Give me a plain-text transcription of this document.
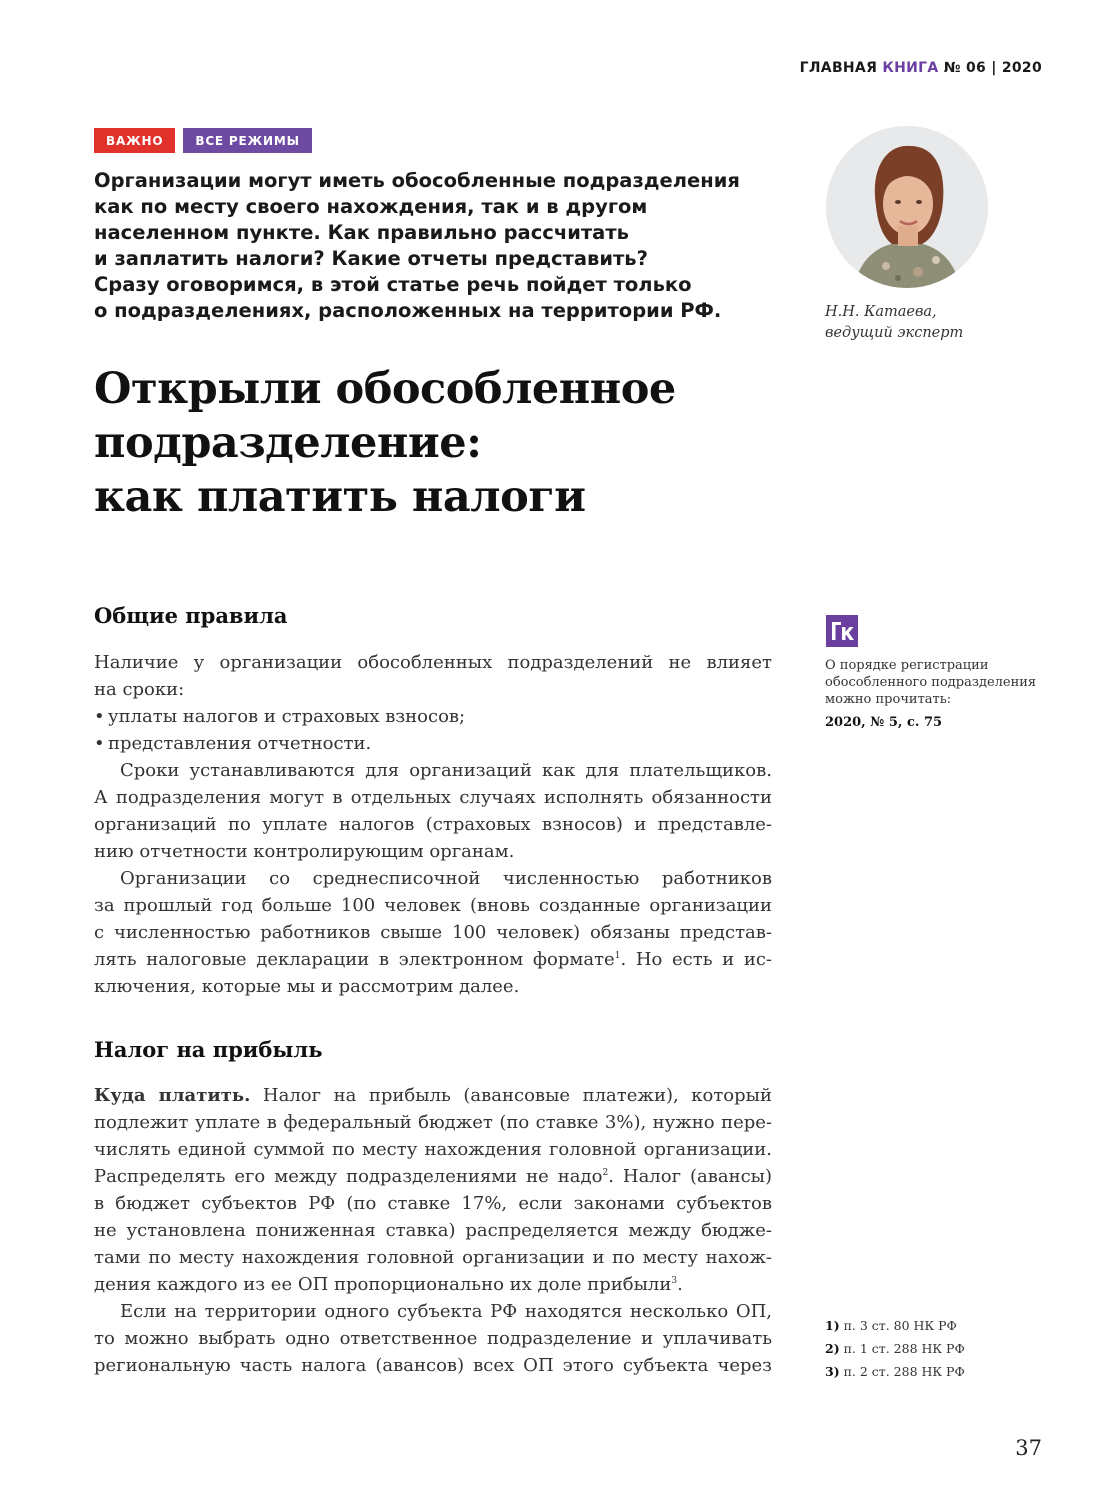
ГЛАВНАЯ КНИГА № 06 | 2020
ВАЖНО	ВСЕ РЕЖИМЫ

Организации могут иметь обособленные подразделения
как по месту своего нахождения, так и в другом
населенном пункте. Как правильно рассчитать
и заплатить налоги? Какие отчеты представить?
Сразу оговоримся, в этой статье речь пойдет только
о подразделениях, расположенных на территории РФ.	Н.Н. Катаева,
ведущий эксперт
Открыли обособленное
подразделение:
как платить налоги
Общие правила
Наличие у организации обособленных подразделений не влияет
на сроки:
• уплаты налогов и страховых взносов;
• представления отчетности.
Сроки устанавливаются для организаций как для плательщиков.
А подразделения могут в отдельных случаях исполнять обязанности
организаций по уплате налогов (страховых взносов) и представле-
нию отчетности контролирующим органам.
Организации со среднесписочной численностью работников
за прошлый год больше 100 человек (вновь созданные организации
с численностью работников свыше 100 человек) обязаны представ-
лять налоговые декларации в электронном формате$^1$. Но есть и ис-
ключения, которые мы и рассмотрим далее.
Налог на прибыль
Куда платить. Налог на прибыль (авансовые платежи), который
подлежит уплате в федеральный бюджет (по ставке 3%), нужно пере-
числять единой суммой по месту нахождения головной организации.
Распределять его между подразделениями не надо$^2$. Налог (авансы)
в бюджет субъектов РФ (по ставке 17%, если законами субъектов
не установлена пониженная ставка) распределяется между бюдже-
тами по месту нахождения головной организации и по месту нахож-
дения каждого из ее ОП пропорционально их доле прибыли$^3$.
Если на территории одного субъекта РФ находятся несколько ОП,
то можно выбрать одно ответственное подразделение и уплачивать
региональную часть налога (авансов) всех ОП этого субъекта через
О порядке регистрации
обособленного подразделения
можно прочитать:
2020, № 5, с. 75
1) п. 3 ст. 80 НК РФ
2) п. 1 ст. 288 НК РФ
3) п. 2 ст. 288 НК РФ
37
